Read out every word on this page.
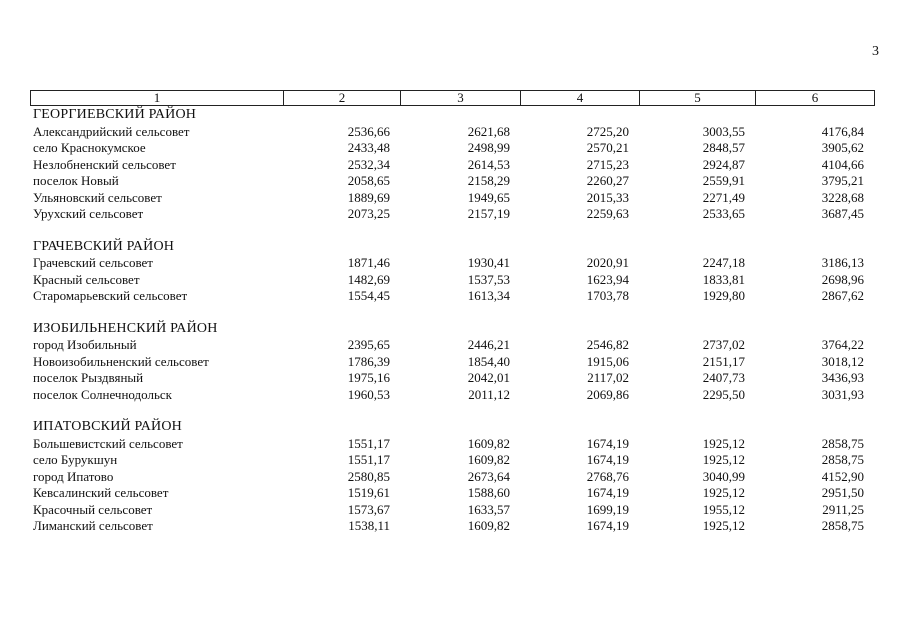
3
1	2	3	4	5	6
ГЕОРГИЕВСКИЙ РАЙОН					
Александрийский сельсовет	2536,66	2621,68	2725,20	3003,55	4176,84
село Краснокумское	2433,48	2498,99	2570,21	2848,57	3905,62
Незлобненский сельсовет	2532,34	2614,53	2715,23	2924,87	4104,66
поселок Новый	2058,65	2158,29	2260,27	2559,91	3795,21
Ульяновский сельсовет	1889,69	1949,65	2015,33	2271,49	3228,68
Урухский сельсовет	2073,25	2157,19	2259,63	2533,65	3687,45

ГРАЧЕВСКИЙ РАЙОН					
Грачевский сельсовет	1871,46	1930,41	2020,91	2247,18	3186,13
Красный сельсовет	1482,69	1537,53	1623,94	1833,81	2698,96
Старомарьевский сельсовет	1554,45	1613,34	1703,78	1929,80	2867,62

ИЗОБИЛЬНЕНСКИЙ РАЙОН					
город Изобильный	2395,65	2446,21	2546,82	2737,02	3764,22
Новоизобильненский сельсовет	1786,39	1854,40	1915,06	2151,17	3018,12
поселок Рыздвяный	1975,16	2042,01	2117,02	2407,73	3436,93
поселок Солнечнодольск	1960,53	2011,12	2069,86	2295,50	3031,93

ИПАТОВСКИЙ РАЙОН					
Большевистский сельсовет	1551,17	1609,82	1674,19	1925,12	2858,75
село Бурукшун	1551,17	1609,82	1674,19	1925,12	2858,75
город Ипатово	2580,85	2673,64	2768,76	3040,99	4152,90
Кевсалинский сельсовет	1519,61	1588,60	1674,19	1925,12	2951,50
Красочный сельсовет	1573,67	1633,57	1699,19	1955,12	2911,25
Лиманский сельсовет	1538,11	1609,82	1674,19	1925,12	2858,75
